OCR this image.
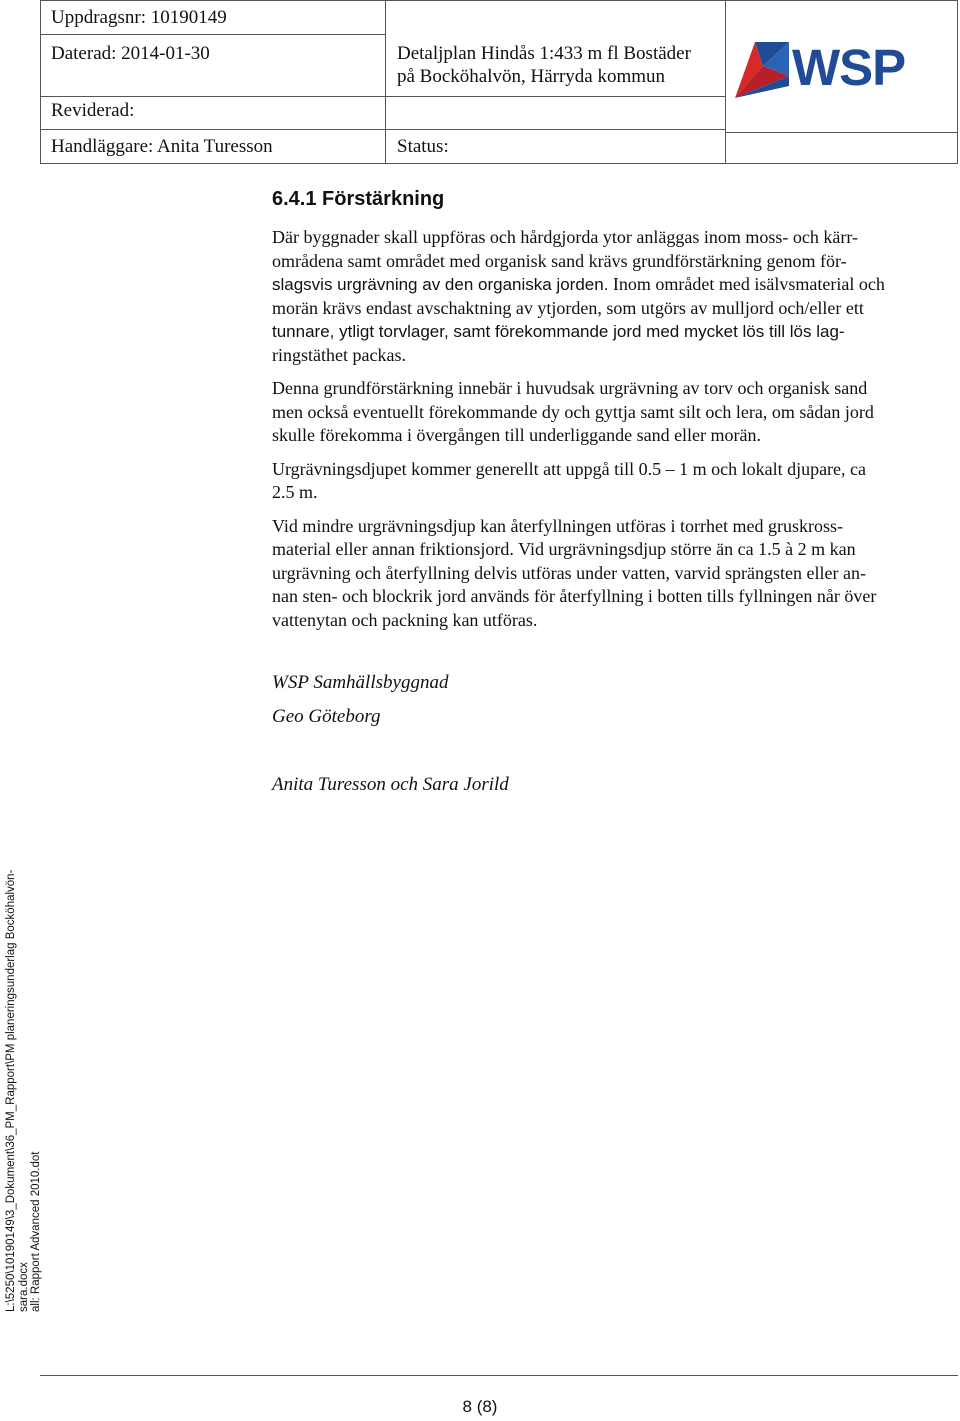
Uppdragsnr: 10190149
Daterad: 2014-01-30
Reviderad:
Handläggare: Anita Turesson
Detaljplan Hindås 1:433 m fl Bostäder
på Bocköhalvön, Härryda kommun
Status:
WSP
6.4.1 Förstärkning
Där byggnader skall uppföras och hårdgjorda ytor anläggas inom moss- och kärr-
områdena samt området med organisk sand krävs grundförstärkning genom för-
slagsvis urgrävning av den organiska jorden. Inom området med isälvsmaterial och
morän krävs endast avschaktning av ytjorden, som utgörs av mulljord och/eller ett
tunnare, ytligt torvlager, samt förekommande jord med mycket lös till lös lag-
ringstäthet packas.
Denna grundförstärkning innebär i huvudsak urgrävning av torv och organisk sand
men också eventuellt förekommande dy och gyttja samt silt och lera, om sådan jord
skulle förekomma i övergången till underliggande sand eller morän.
Urgrävningsdjupet kommer generellt att uppgå till 0.5 – 1 m och lokalt djupare, ca
2.5 m.
Vid mindre urgrävningsdjup kan återfyllningen utföras i torrhet med gruskross-
material eller annan friktionsjord. Vid urgrävningsdjup större än ca 1.5 à 2 m kan
urgrävning och återfyllning delvis utföras under vatten, varvid sprängsten eller an-
nan sten- och blockrik jord används för återfyllning i botten tills fyllningen når över
vattenytan och packning kan utföras.
WSP Samhällsbyggnad
Geo Göteborg
Anita Turesson och Sara Jorild
L:\5250\10190149\3_Dokument\36_PM_Rapport\PM planeringsunderlag Bocköhalvön- sara.docx all: Rapport Advanced 2010.dot
8 (8)
